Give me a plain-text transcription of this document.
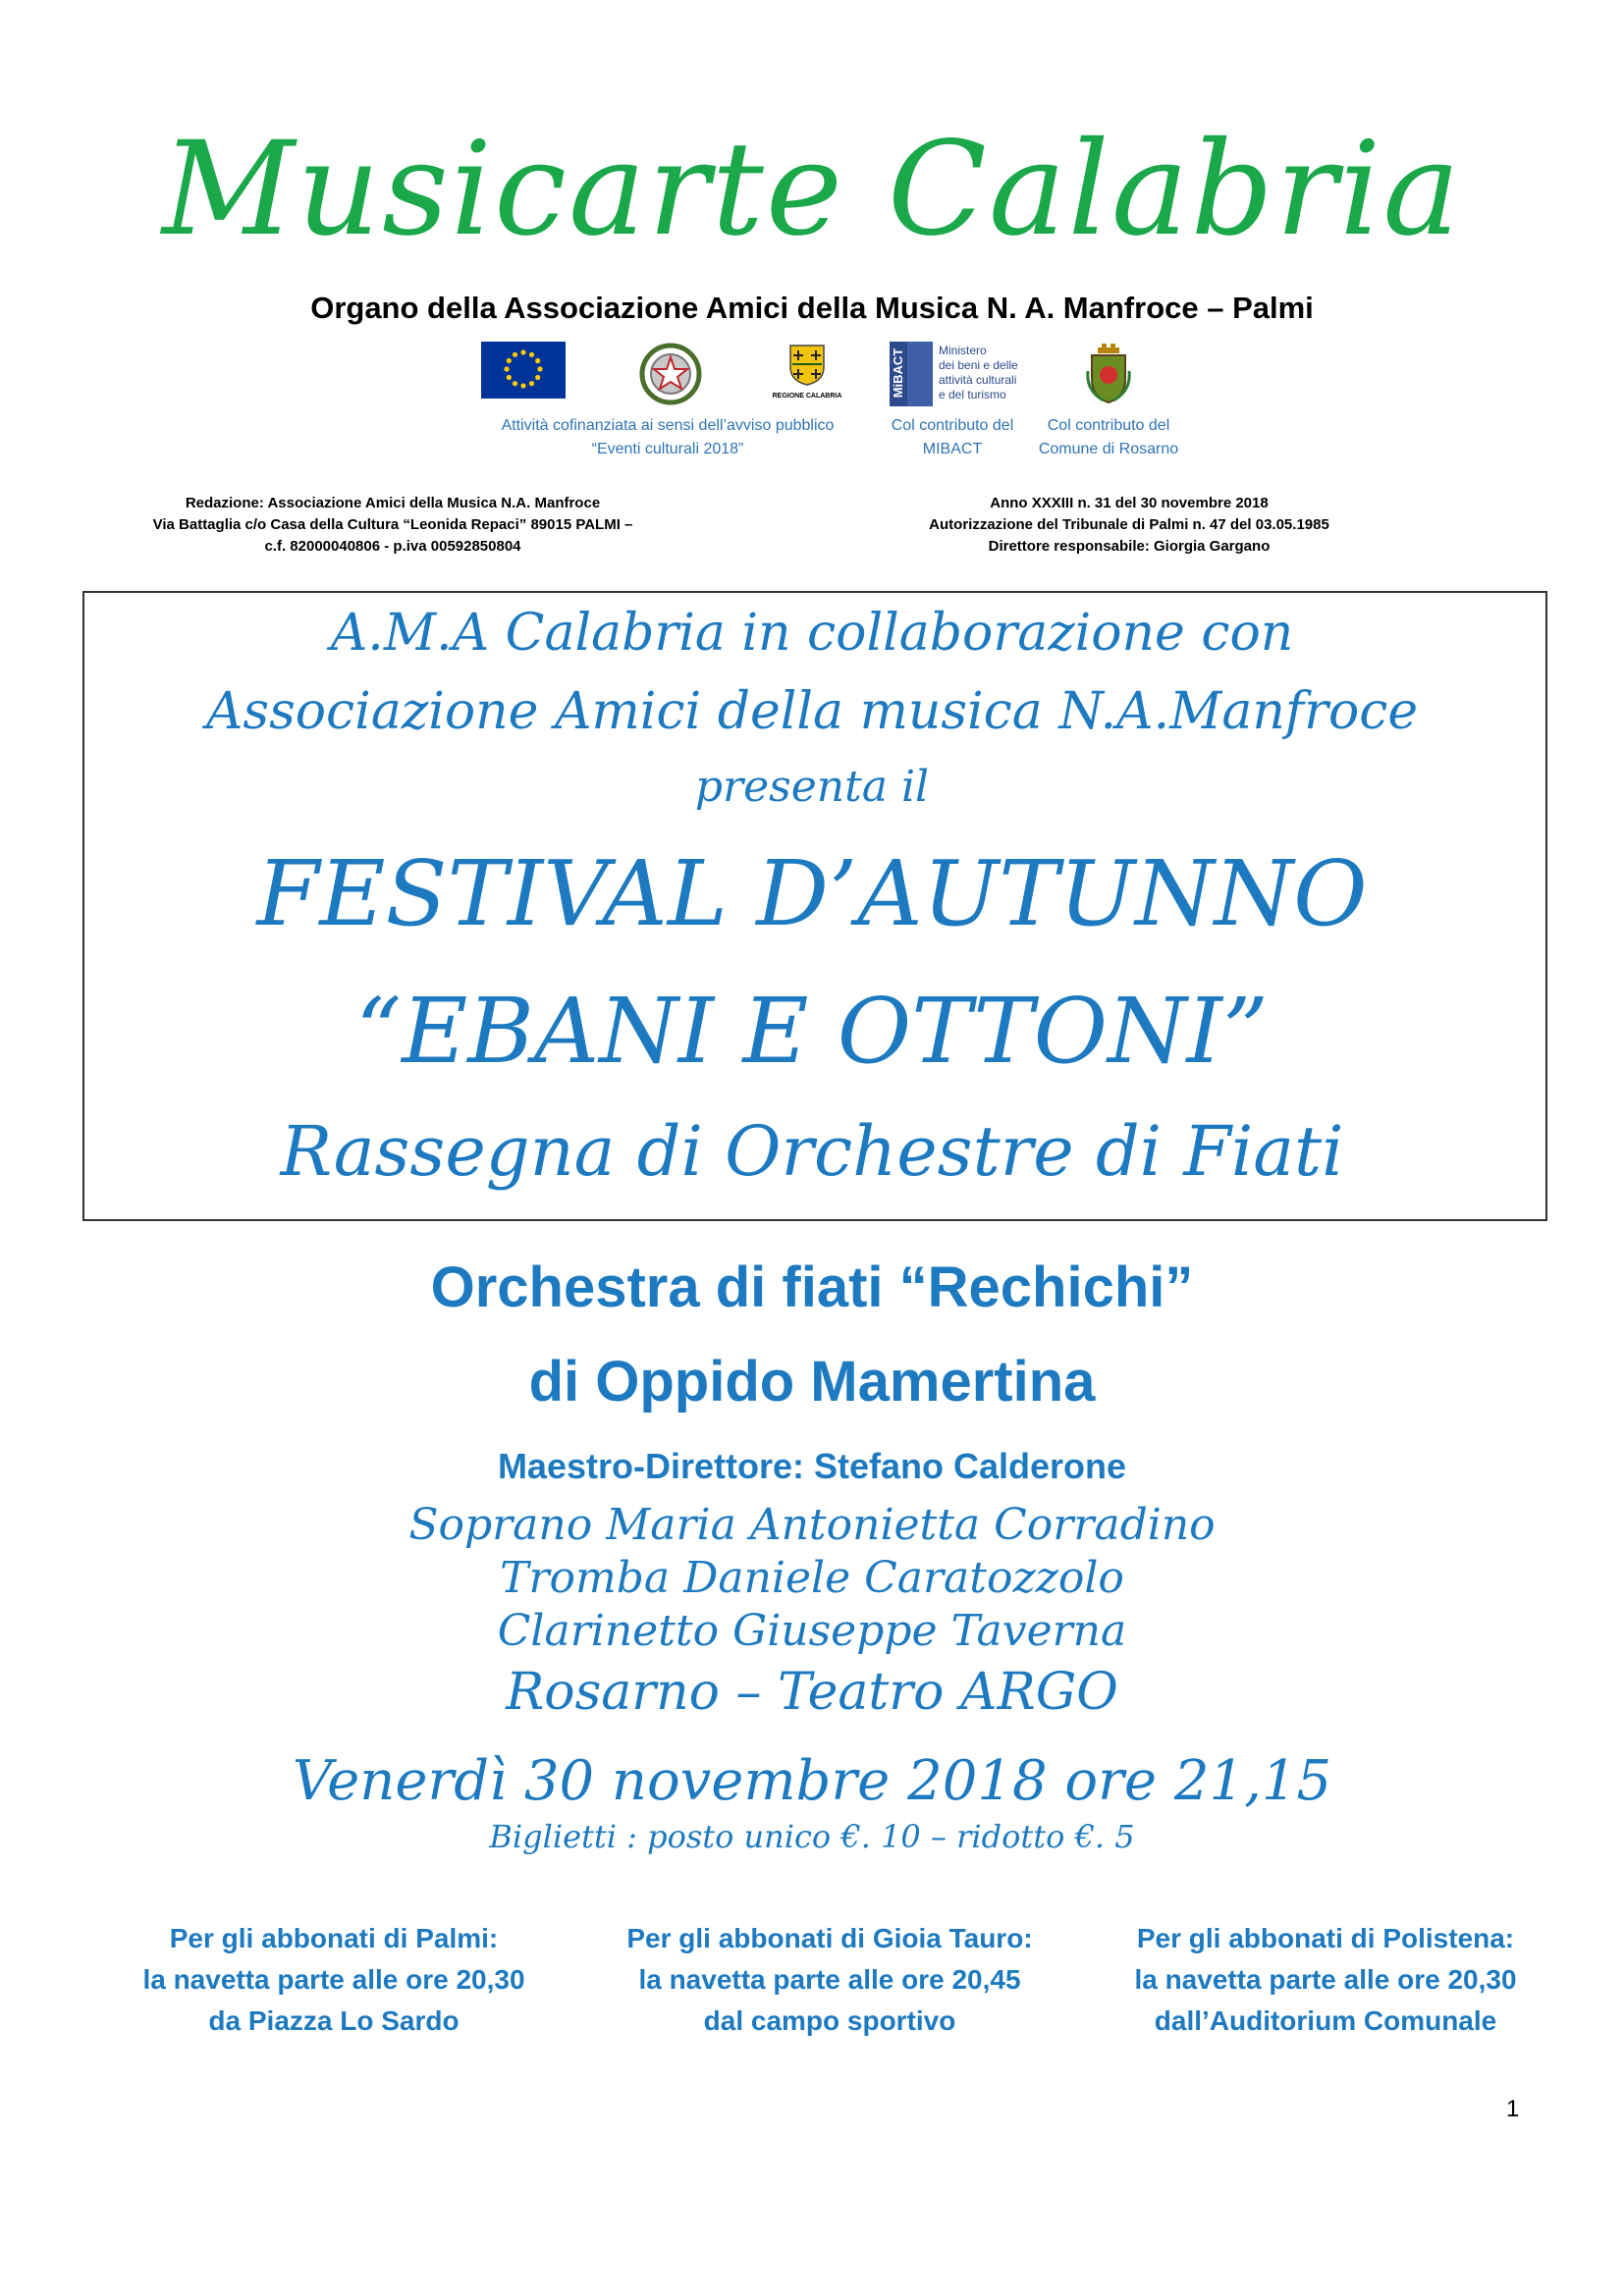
Musicarte Calabria
Organo della Associazione Amici della Musica N. A. Manfroce – Palmi
REGIONE CALABRIA	MiBACT	Ministero
dei beni e delle
attività culturali
e del turismo
Attività cofinanziata ai sensi dell’avviso pubblico
“Eventi culturali 2018”
Col contributo del
MIBACT
Col contributo del
Comune di Rosarno
Redazione: Associazione Amici della Musica N.A. Manfroce
Via Battaglia c/o Casa della Cultura “Leonida Repaci” 89015 PALMI –
c.f. 82000040806 - p.iva 00592850804
Anno XXXIII n. 31 del 30 novembre 2018
Autorizzazione del Tribunale di Palmi n. 47 del 03.05.1985
Direttore responsabile: Giorgia Gargano
A.M.A Calabria in collaborazione con
Associazione Amici della musica N.A.Manfroce
presenta il
FESTIVAL D’AUTUNNO
“EBANI E OTTONI”
Rassegna di Orchestre di Fiati
Orchestra di fiati “Rechichi”
di Oppido Mamertina
Maestro-Direttore: Stefano Calderone
Soprano Maria Antonietta Corradino
Tromba Daniele Caratozzolo
Clarinetto Giuseppe Taverna
Rosarno – Teatro ARGO
Venerdì 30 novembre 2018 ore 21,15
Biglietti : posto unico €. 10 – ridotto €. 5
Per gli abbonati di Palmi:
la navetta parte alle ore 20,30
da Piazza Lo Sardo
Per gli abbonati di Gioia Tauro:
la navetta parte alle ore 20,45
dal campo sportivo
Per gli abbonati di Polistena:
la navetta parte alle ore 20,30
dall’Auditorium Comunale
1
